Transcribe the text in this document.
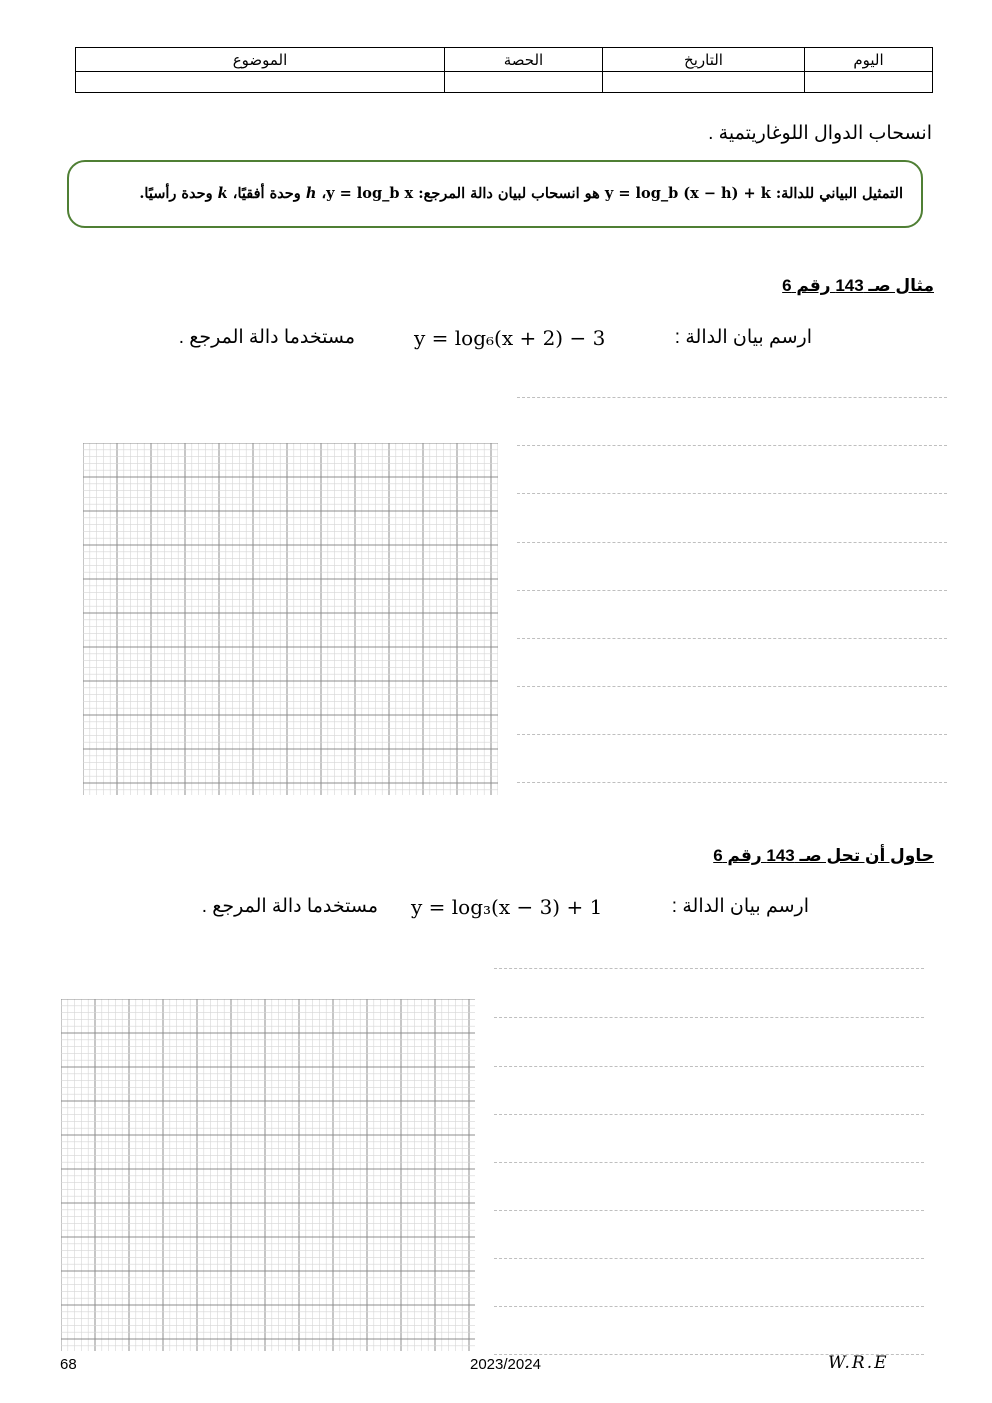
اليوم	التاريخ	الحصة	الموضوع

انسحاب الدوال اللوغاريتمية .
التمثيل البياني للدالة: y = log_b (x − h) + k هو انسحاب لبيان دالة المرجع: y = log_b x، h وحدة أفقيًا، k وحدة رأسيًا.
مثال صـ 143 رقم 6
ارسم بيان الدالة :
y = log₆(x + 2) − 3
مستخدما دالة المرجع .
حاول أن تحل صـ 143 رقم 6
ارسم بيان الدالة :
y = log₃(x − 3) + 1
مستخدما دالة المرجع .
68	2023/2024	W.R.E
